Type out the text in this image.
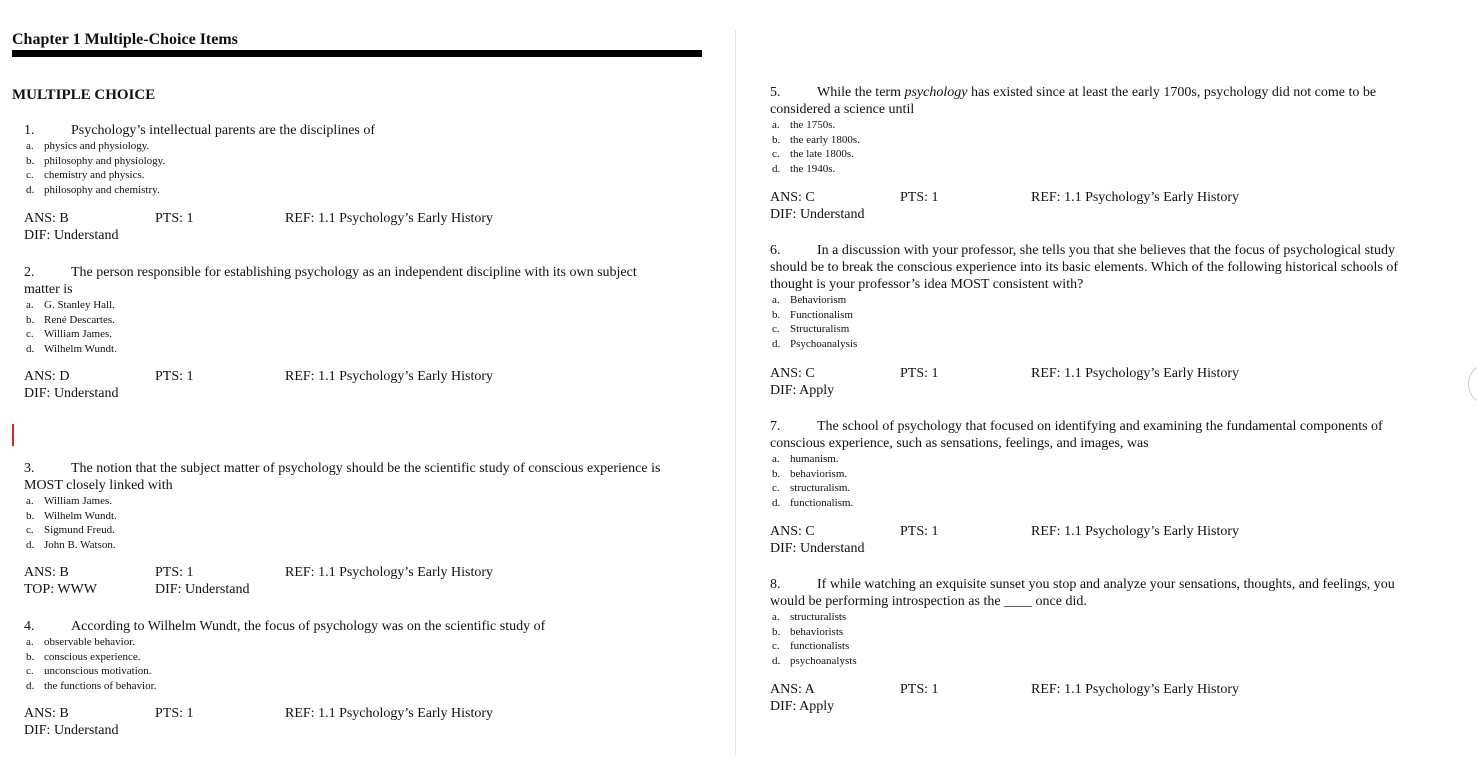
Chapter 1 Multiple-Choice Items
MULTIPLE CHOICE
1.	Psychology’s intellectual parents are the disciplines of
a. physics and physiology.
b. philosophy and physiology.
c. chemistry and physics.
d. philosophy and chemistry.
ANS: B	PTS: 1	REF: 1.1 Psychology’s Early History
DIF: Understand
2.	The person responsible for establishing psychology as an independent discipline with its own subject
matter is
a. G. Stanley Hall.
b. René Descartes.
c. William James.
d. Wilhelm Wundt.
ANS: D	PTS: 1	REF: 1.1 Psychology’s Early History
DIF: Understand
3.	The notion that the subject matter of psychology should be the scientific study of conscious experience is
MOST closely linked with
a. William James.
b. Wilhelm Wundt.
c. Sigmund Freud.
d. John B. Watson.
ANS: B	PTS: 1	REF: 1.1 Psychology’s Early History
TOP: WWW	DIF: Understand
4.	According to Wilhelm Wundt, the focus of psychology was on the scientific study of
a. observable behavior.
b. conscious experience.
c. unconscious motivation.
d. the functions of behavior.
ANS: B	PTS: 1	REF: 1.1 Psychology’s Early History
DIF: Understand
5.	While the term psychology has existed since at least the early 1700s, psychology did not come to be
considered a science until
a. the 1750s.
b. the early 1800s.
c. the late 1800s.
d. the 1940s.
ANS: C	PTS: 1	REF: 1.1 Psychology’s Early History
DIF: Understand
6.	In a discussion with your professor, she tells you that she believes that the focus of psychological study
should be to break the conscious experience into its basic elements. Which of the following historical schools of
thought is your professor’s idea MOST consistent with?
a. Behaviorism
b. Functionalism
c. Structuralism
d. Psychoanalysis
ANS: C	PTS: 1	REF: 1.1 Psychology’s Early History
DIF: Apply
7.	The school of psychology that focused on identifying and examining the fundamental components of
conscious experience, such as sensations, feelings, and images, was
a. humanism.
b. behaviorism.
c. structuralism.
d. functionalism.
ANS: C	PTS: 1	REF: 1.1 Psychology’s Early History
DIF: Understand
8.	If while watching an exquisite sunset you stop and analyze your sensations, thoughts, and feelings, you
would be performing introspection as the ____ once did.
a. structuralists
b. behaviorists
c. functionalists
d. psychoanalysts
ANS: A	PTS: 1	REF: 1.1 Psychology’s Early History
DIF: Apply
